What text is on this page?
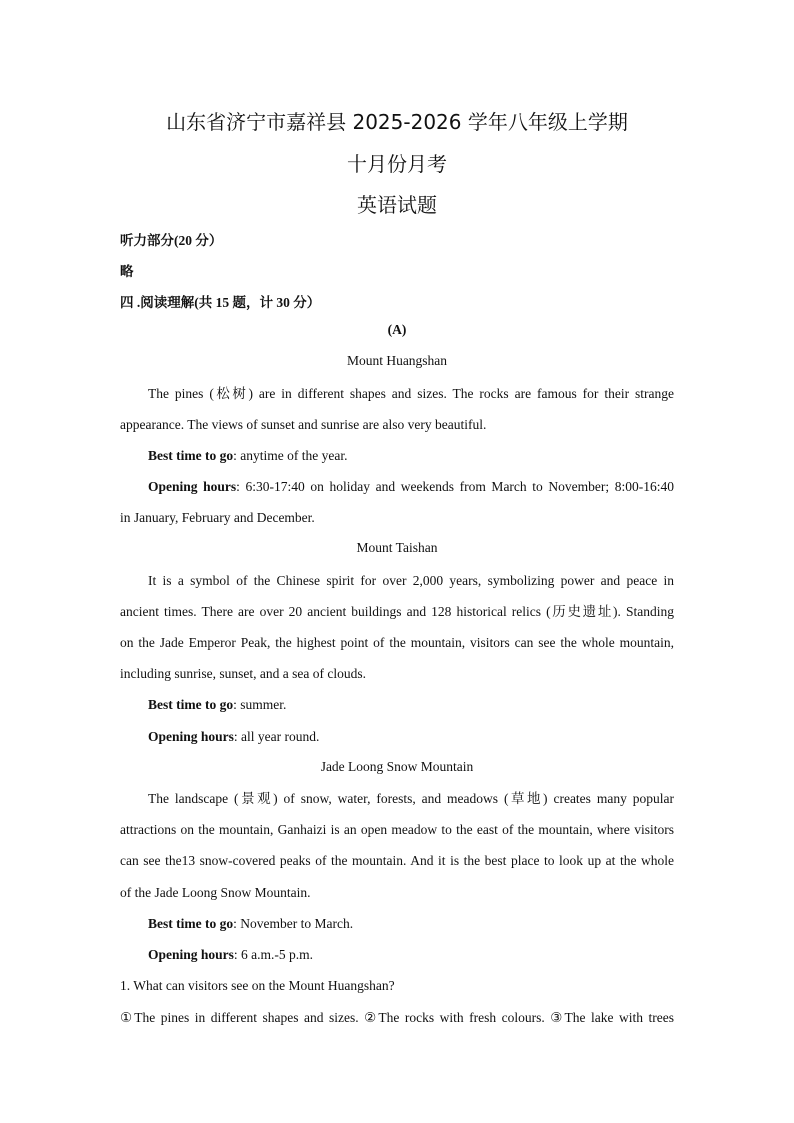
山东省济宁市嘉祥县 2025-2026 学年八年级上学期
十月份月考
英语试题
听力部分(20 分）
略
四 .阅读理解(共 15 题，计 30 分）
(A)
Mount Huangshan
The pines (松树) are in different shapes and sizes. The rocks are famous for their strange
appearance. The views of sunset and sunrise are also very beautiful.
Best time to go: anytime of the year.
Opening hours: 6:30-17:40 on holiday and weekends from March to November; 8:00-16:40
in January, February and December.
Mount Taishan
It is a symbol of the Chinese spirit for over 2,000 years, symbolizing power and peace in
ancient times. There are over 20 ancient buildings and 128 historical relics (历史遗址). Standing
on the Jade Emperor Peak, the highest point of the mountain, visitors can see the whole mountain,
including sunrise, sunset, and a sea of clouds.
Best time to go: summer.
Opening hours: all year round.
Jade Loong Snow Mountain
The landscape (景观) of snow, water, forests, and meadows (草地) creates many popular
attractions on the mountain, Ganhaizi is an open meadow to the east of the mountain, where visitors
can see the13 snow-covered peaks of the mountain. And it is the best place to look up at the whole
of the Jade Loong Snow Mountain.
Best time to go: November to March.
Opening hours: 6 a.m.-5 p.m.
1. What can visitors see on the Mount Huangshan?
①The pines in different shapes and sizes. ②The rocks with fresh colours. ③The lake with trees
